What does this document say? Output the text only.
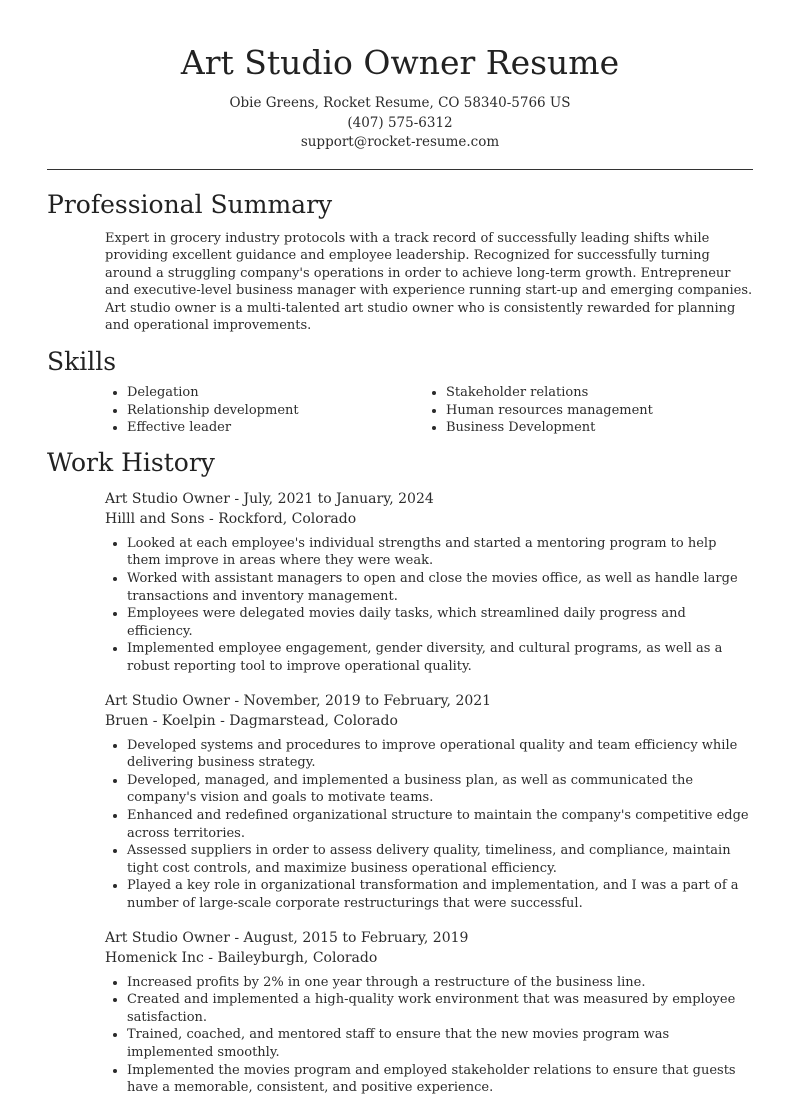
Art Studio Owner Resume
Obie Greens, Rocket Resume, CO 58340-5766 US
(407) 575-6312
support@rocket-resume.com
Professional Summary
Expert in grocery industry protocols with a track record of successfully leading shifts while providing excellent guidance and employee leadership. Recognized for successfully turning around a struggling company's operations in order to achieve long-term growth. Entrepreneur and executive-level business manager with experience running start-up and emerging companies. Art studio owner is a multi-talented art studio owner who is consistently rewarded for planning and operational improvements.
Skills
• Delegation
• Relationship development
• Effective leader
• Stakeholder relations
• Human resources management
• Business Development
Work History
Art Studio Owner - July, 2021 to January, 2024
Hilll and Sons - Rockford, Colorado
• Looked at each employee's individual strengths and started a mentoring program to help them improve in areas where they were weak.
• Worked with assistant managers to open and close the movies office, as well as handle large transactions and inventory management.
• Employees were delegated movies daily tasks, which streamlined daily progress and efficiency.
• Implemented employee engagement, gender diversity, and cultural programs, as well as a robust reporting tool to improve operational quality.
Art Studio Owner - November, 2019 to February, 2021
Bruen - Koelpin - Dagmarstead, Colorado
• Developed systems and procedures to improve operational quality and team efficiency while delivering business strategy.
• Developed, managed, and implemented a business plan, as well as communicated the company's vision and goals to motivate teams.
• Enhanced and redefined organizational structure to maintain the company's competitive edge across territories.
• Assessed suppliers in order to assess delivery quality, timeliness, and compliance, maintain tight cost controls, and maximize business operational efficiency.
• Played a key role in organizational transformation and implementation, and I was a part of a number of large-scale corporate restructurings that were successful.
Art Studio Owner - August, 2015 to February, 2019
Homenick Inc - Baileyburgh, Colorado
• Increased profits by 2% in one year through a restructure of the business line.
• Created and implemented a high-quality work environment that was measured by employee satisfaction.
• Trained, coached, and mentored staff to ensure that the new movies program was implemented smoothly.
• Implemented the movies program and employed stakeholder relations to ensure that guests have a memorable, consistent, and positive experience.
